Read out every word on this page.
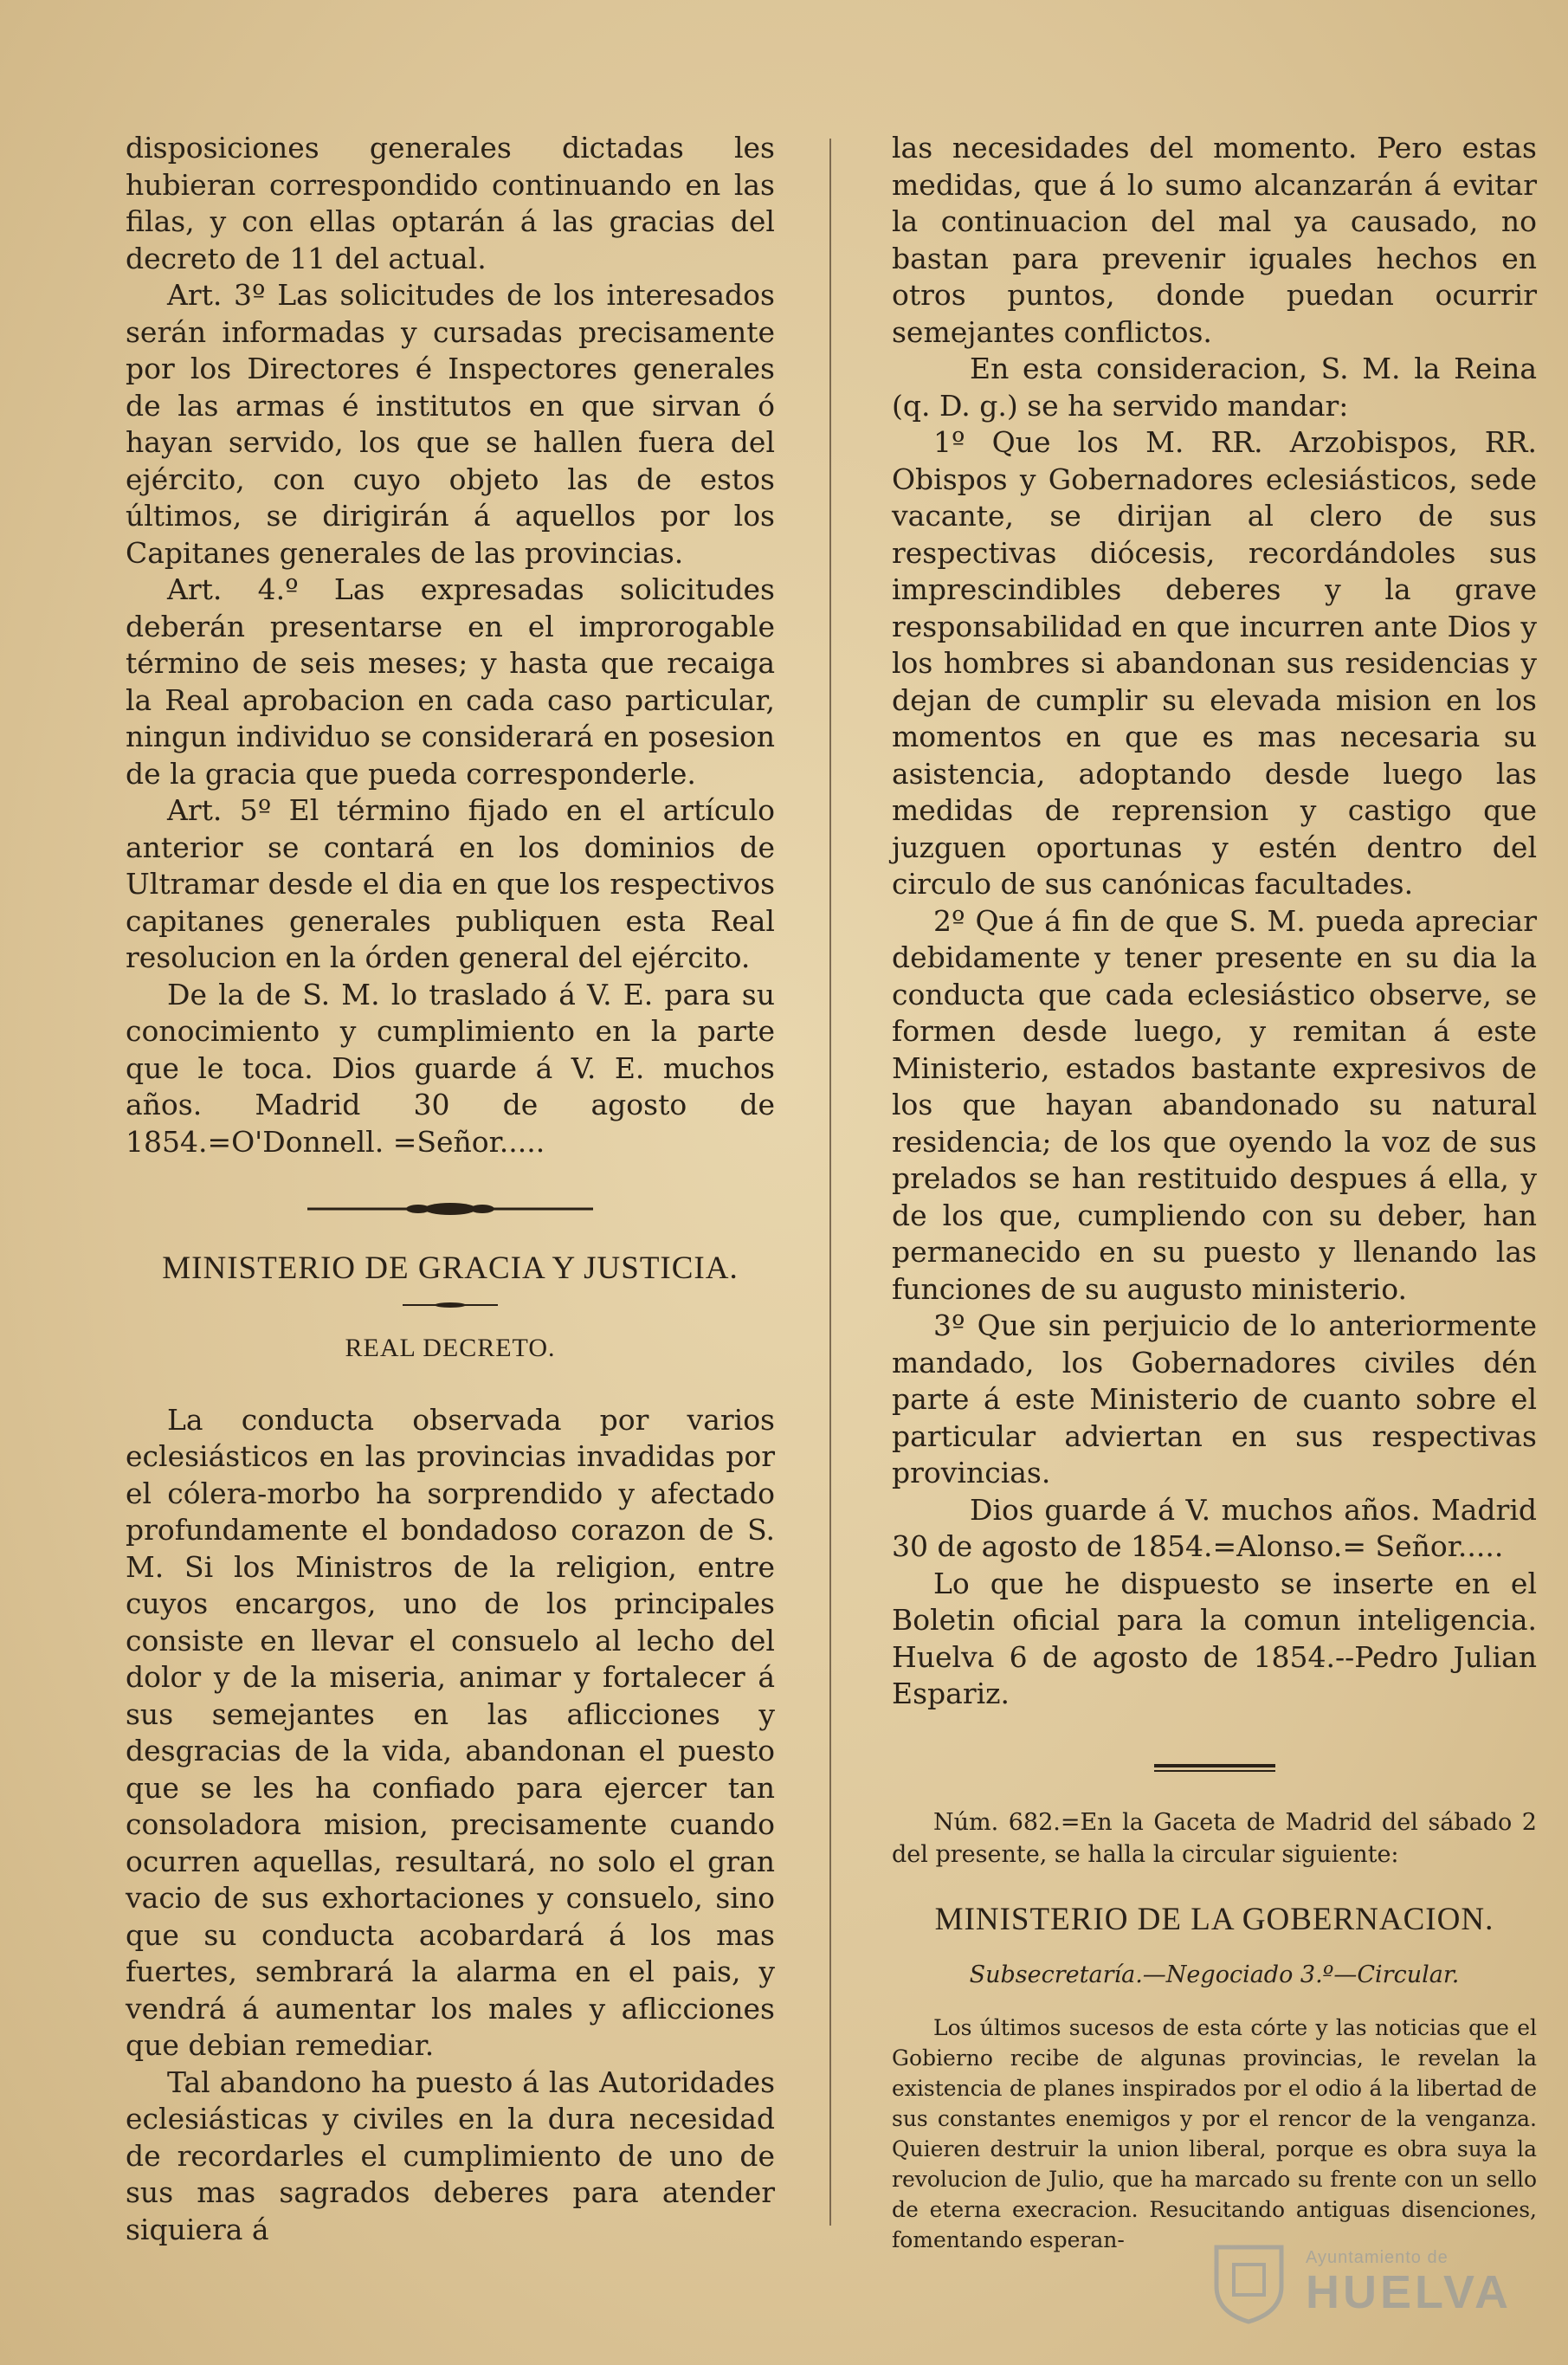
disposiciones generales dictadas les hubieran correspondido continuando en las filas, y con ellas optarán á las gracias del decreto de 11 del actual.

Art. 3º Las solicitudes de los interesados serán informadas y cursadas precisamente por los Directores é Inspectores generales de las armas é institutos en que sirvan ó hayan servido, los que se hallen fuera del ejército, con cuyo objeto las de estos últimos, se dirigirán á aquellos por los Capitanes generales de las provincias.

Art. 4.º Las expresadas solicitudes deberán presentarse en el improrogable término de seis meses; y hasta que recaiga la Real aprobacion en cada caso particular, ningun individuo se considerará en posesion de la gracia que pueda corresponderle.

Art. 5º El término fijado en el artículo anterior se contará en los dominios de Ultramar desde el dia en que los respectivos capitanes generales publiquen esta Real resolucion en la órden general del ejército.

De la de S. M. lo traslado á V. E. para su conocimiento y cumplimiento en la parte que le toca. Dios guarde á V. E. muchos años. Madrid 30 de agosto de 1854.=O'Donnell. =Señor.....

MINISTERIO DE GRACIA Y JUSTICIA.
REAL DECRETO.

La conducta observada por varios eclesiásticos en las provincias invadidas por el cólera-morbo ha sorprendido y afectado profundamente el bondadoso corazon de S. M. Si los Ministros de la religion, entre cuyos encargos, uno de los principales consiste en llevar el consuelo al lecho del dolor y de la miseria, animar y fortalecer á sus semejantes en las aflicciones y desgracias de la vida, abandonan el puesto que se les ha confiado para ejercer tan consoladora mision, precisamente cuando ocurren aquellas, resultará, no solo el gran vacio de sus exhortaciones y consuelo, sino que su conducta acobardará á los mas fuertes, sembrará la alarma en el pais, y vendrá á aumentar los males y aflicciones que debian remediar.

Tal abandono ha puesto á las Autoridades eclesiásticas y civiles en la dura necesidad de recordarles el cumplimiento de uno de sus mas sagrados deberes para atender siquiera á

las necesidades del momento. Pero estas medidas, que á lo sumo alcanzarán á evitar la continuacion del mal ya causado, no bastan para prevenir iguales hechos en otros puntos, donde puedan ocurrir semejantes conflictos.

En esta consideracion, S. M. la Reina (q. D. g.) se ha servido mandar:

1º Que los M. RR. Arzobispos, RR. Obispos y Gobernadores eclesiásticos, sede vacante, se dirijan al clero de sus respectivas diócesis, recordándoles sus imprescindibles deberes y la grave responsabilidad en que incurren ante Dios y los hombres si abandonan sus residencias y dejan de cumplir su elevada mision en los momentos en que es mas necesaria su asistencia, adoptando desde luego las medidas de reprension y castigo que juzguen oportunas y estén dentro del circulo de sus canónicas facultades.

2º Que á fin de que S. M. pueda apreciar debidamente y tener presente en su dia la conducta que cada eclesiástico observe, se formen desde luego, y remitan á este Ministerio, estados bastante expresivos de los que hayan abandonado su natural residencia; de los que oyendo la voz de sus prelados se han restituido despues á ella, y de los que, cumpliendo con su deber, han permanecido en su puesto y llenando las funciones de su augusto ministerio.

3º Que sin perjuicio de lo anteriormente mandado, los Gobernadores civiles dén parte á este Ministerio de cuanto sobre el particular adviertan en sus respectivas provincias.

Dios guarde á V. muchos años. Madrid 30 de agosto de 1854.=Alonso.= Señor.....

Lo que he dispuesto se inserte en el Boletin oficial para la comun inteligencia. Huelva 6 de agosto de 1854.--Pedro Julian Espariz.

Núm. 682.=En la Gaceta de Madrid del sábado 2 del presente, se halla la circular siguiente:

MINISTERIO DE LA GOBERNACION.
Subsecretaría.—Negociado 3.º—Circular.

Los últimos sucesos de esta córte y las noticias que el Gobierno recibe de algunas provincias, le revelan la existencia de planes inspirados por el odio á la libertad de sus constantes enemigos y por el rencor de la venganza. Quieren destruir la union liberal, porque es obra suya la revolucion de Julio, que ha marcado su frente con un sello de eterna execracion. Resucitando antiguas disenciones, fomentando esperan-

Ayuntamiento de
HUELVA
